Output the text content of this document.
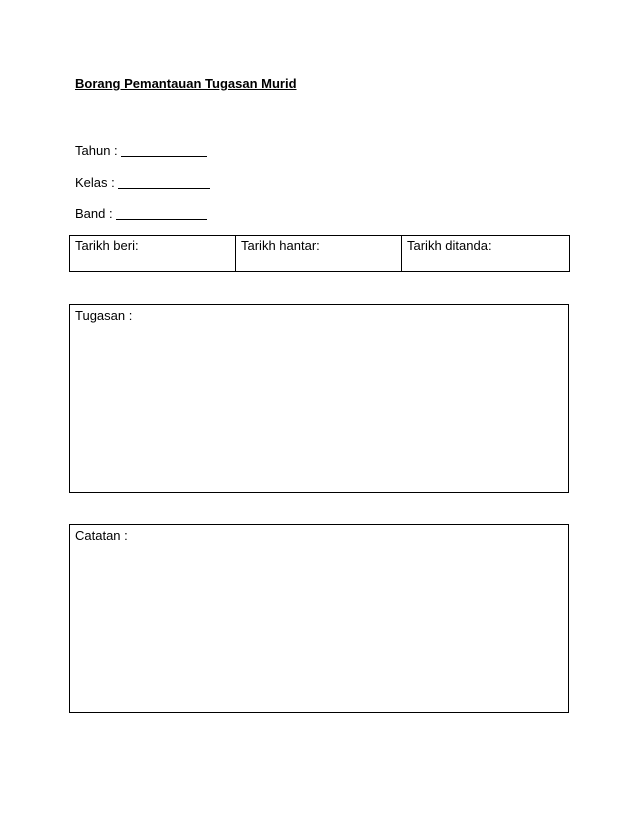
Borang Pemantauan Tugasan Murid
Tahun :
Kelas :
Band :
Tarikh beri:	Tarikh hantar:	Tarikh ditanda:
Tugasan :
Catatan :
